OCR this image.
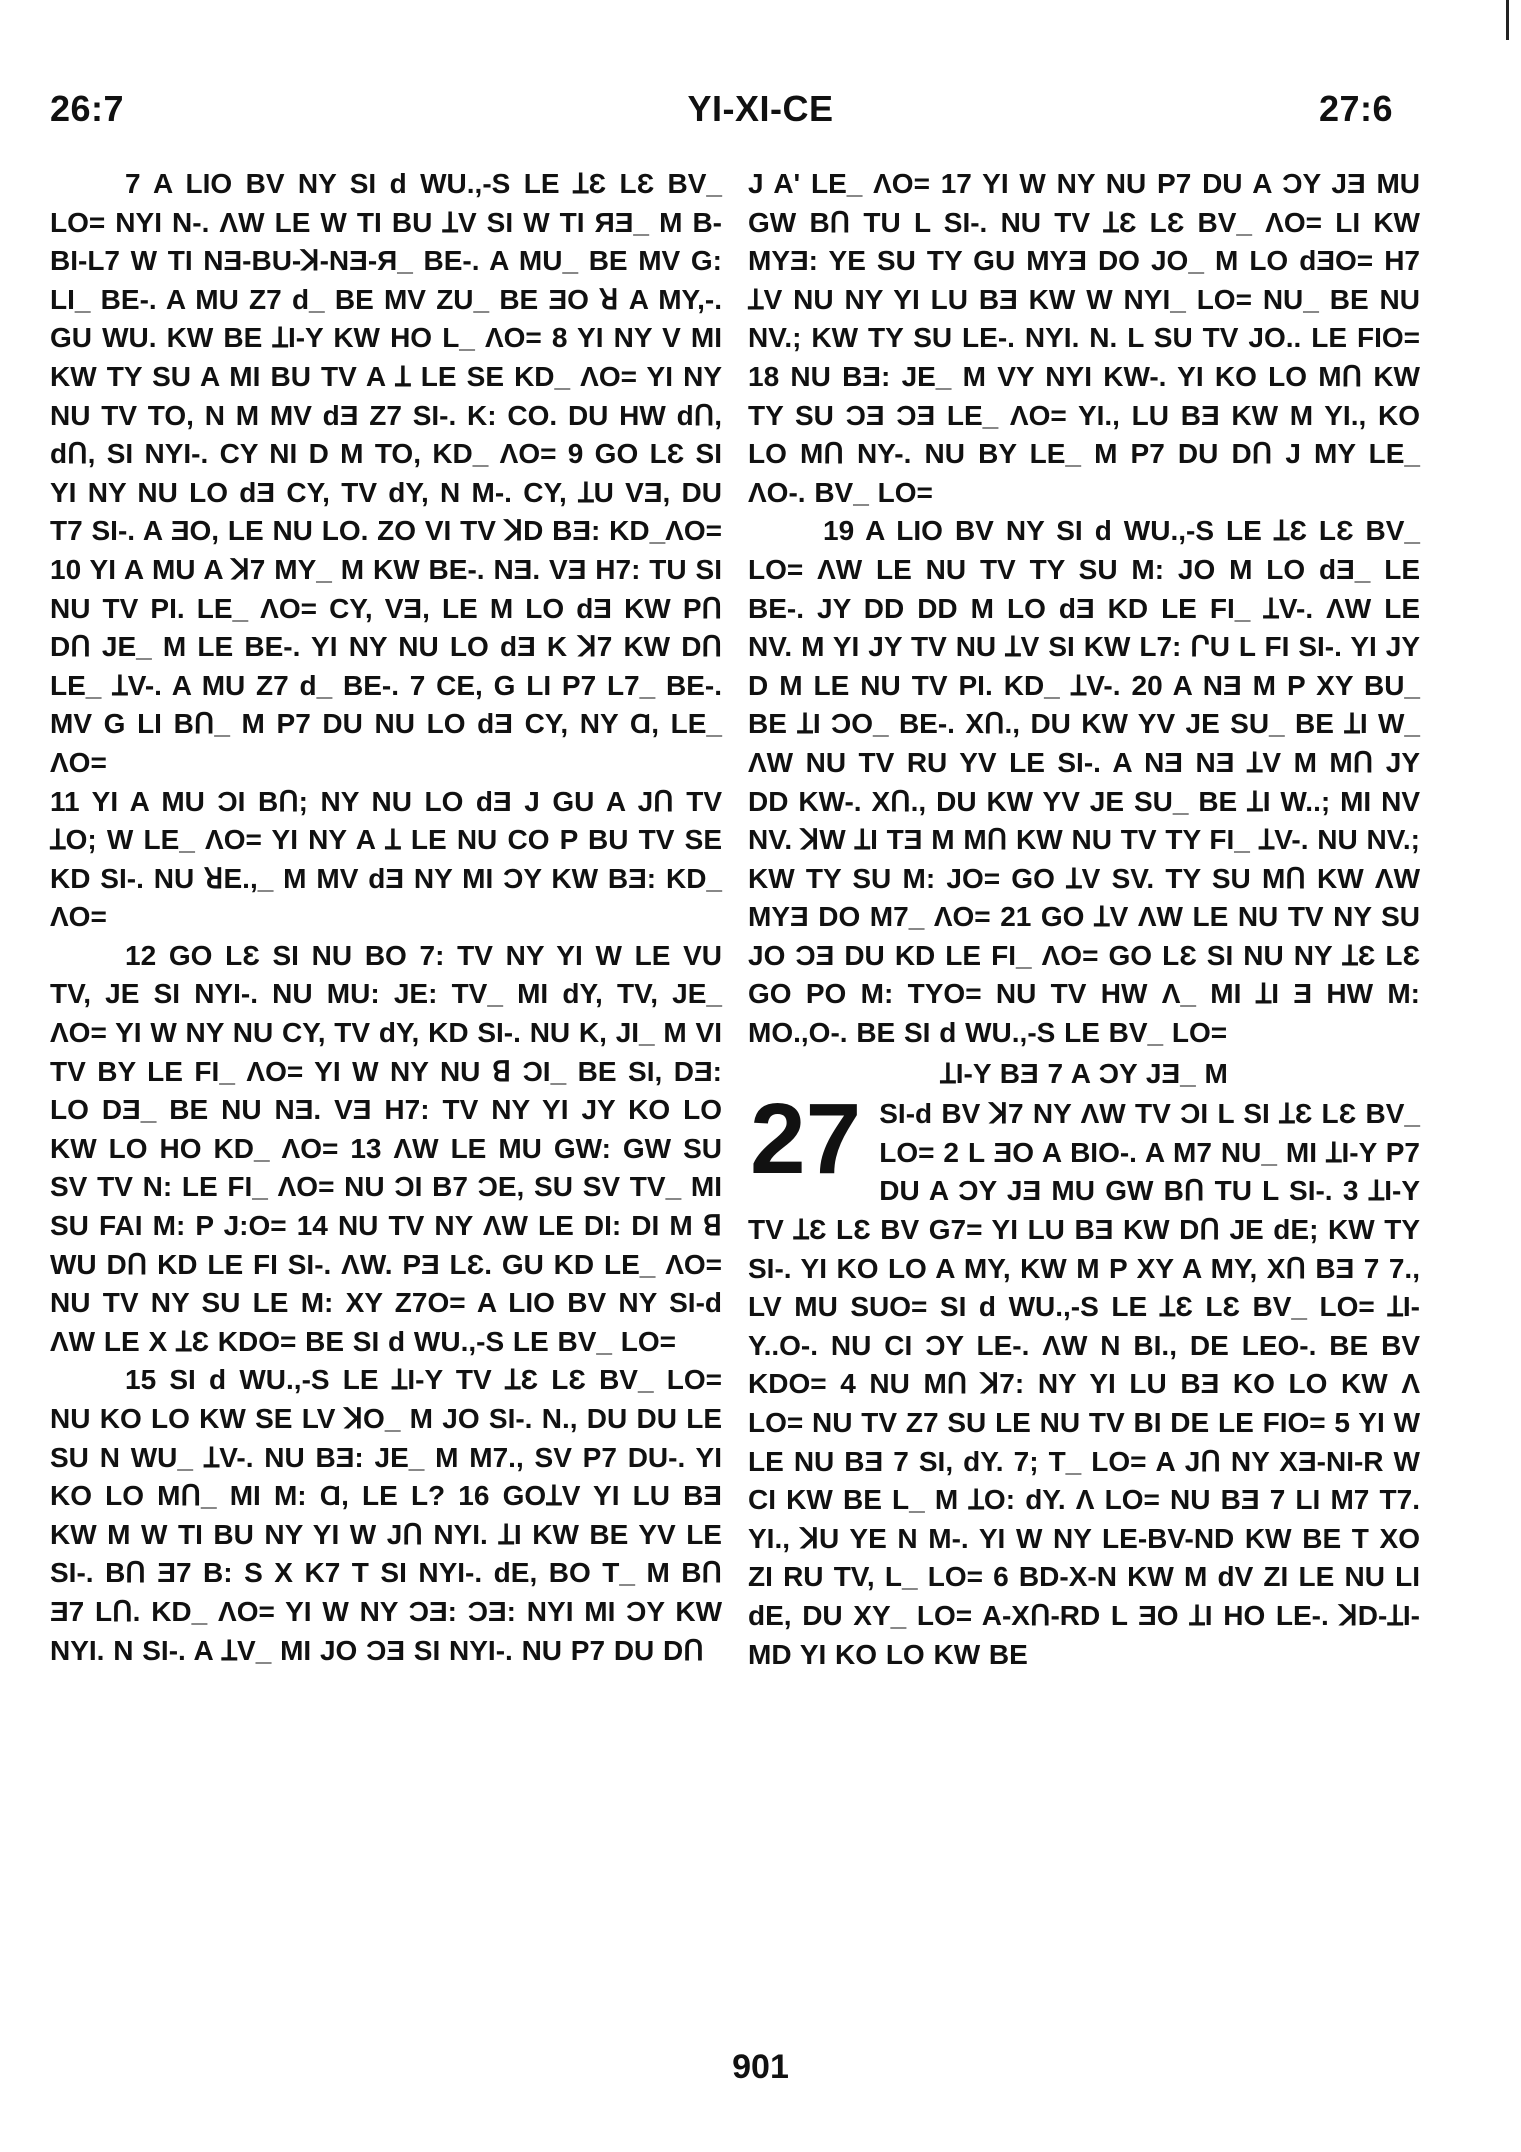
26:7	YI-XI-CE	27:6

7 A LIO BV NY SI d WU.,-S LE ꞱƐ LƐ BV_ LO= NYI N-. ɅW LE W TI BU ꞱV SI W TI ЯƎ_ M B-BI-L7 W TI NƎ-BU-ꓘ-NƎ-Я_ BE-. A MU_ BE MV G: LI_ BE-. A MU Z7 d_ BE MV ZU_ BE ƎO ꓤ A MY,-. GU WU. KW BE ꞱI-Y KW HO L_ ɅO= 8 YI NY V MI KW TY SU A MI BU TV A Ʇ LE SE KD_ ɅO= YI NY NU TV TO, N M MV dƎ Z7 SI-. K: CO. DU HW dՈ, dՈ, SI NYI-. CY NI D M TO, KD_ ɅO= 9 GO LƐ SI YI NY NU LO dƎ CY, TV dY, N M-. CY, ꞱU VƎ, DU T7 SI-. A ƎO, LE NU LO. ZO VI TV ꓘD BƎ: KD_ɅO= 10 YI A MU A ꓘ7 MY_ M KW BE-. NƎ. VƎ H7: TU SI NU TV PI. LE_ ɅO= CY, VƎ, LE M LO dƎ KW PՈ DՈ JE_ M LE BE-. YI NY NU LO dƎ K ꓘ7 KW DՈ LE_ ꞱV-. A MU Z7 d_ BE-. 7 CE, G LI P7 L7_ BE-. MV G LI BՈ_ M P7 DU NU LO dƎ CY, NY Ɑ, LE_ ɅO=

11 YI A MU ƆI BՈ; NY NU LO dƎ J GU A JՈ TV ꞱO; W LE_ ɅO= YI NY A Ʇ LE NU CO P BU TV SE KD SI-. NU ꓤE.,_ M MV dƎ NY MI ƆY KW BƎ: KD_ ɅO=

12 GO LƐ SI NU BO 7: TV NY YI W LE VU TV, JE SI NYI-. NU MU: JE: TV_ MI dY, TV, JE_ ɅO= YI W NY NU CY, TV dY, KD SI-. NU K, JI_ M VI TV BY LE FI_ ɅO= YI W NY NU ꓭ ƆI_ BE SI, DƎ: LO DƎ_ BE NU NƎ. VƎ H7: TV NY YI JY KO LO KW LO HO KD_ ɅO= 13 ɅW LE MU GW: GW SU SV TV N: LE FI_ ɅO= NU ƆI B7 ƆE, SU SV TV_ MI SU FAI M: P J:O= 14 NU TV NY ɅW LE DI: DI M ꓭ WU DՈ KD LE FI SI-. ɅW. PƎ LƐ. GU KD LE_ ɅO= NU TV NY SU LE M: XY Z7O= A LIO BV NY SI-d ɅW LE X ꞱƐ KDO= BE SI d WU.,-S LE BV_ LO=

15 SI d WU.,-S LE ꞱI-Y TV ꞱƐ LƐ BV_ LO= NU KO LO KW SE LV ꓘO_ M JO SI-. N., DU DU LE SU N WU_ ꞱV-. NU BƎ: JE_ M M7., SV P7 DU-. YI KO LO MՈ_ MI M: Ɑ, LE L? 16 GOꞱV YI LU BƎ KW M W TI BU NY YI W JՈ NYI. ꞱI KW BE YV LE SI-. BՈ Ǝ7 B: S X K7 T SI NYI-. dE, BO T_ M BՈ Ǝ7 LՈ. KD_ ɅO= YI W NY ƆƎ: ƆƎ: NYI MI ƆY KW NYI. N SI-. A ꞱV_ MI JO ƆƎ SI NYI-. NU P7 DU DՈ

J A' LE_ ɅO= 17 YI W NY NU P7 DU A ƆY JƎ MU GW BՈ TU L SI-. NU TV ꞱƐ LƐ BV_ ɅO= LI KW MYƎ: YE SU TY GU MYƎ DO JO_ M LO dƎO= H7 ꞱV NU NY YI LU BƎ KW W NYI_ LO= NU_ BE NU NV.; KW TY SU LE-. NYI. N. L SU TV JO.. LE FIO= 18 NU BƎ: JE_ M VY NYI KW-. YI KO LO MՈ KW TY SU ƆƎ ƆƎ LE_ ɅO= YI., LU BƎ KW M YI., KO LO MՈ NY-. NU BY LE_ M P7 DU DՈ J MY LE_ ɅO-. BV_ LO=

19 A LIO BV NY SI d WU.,-S LE ꞱƐ LƐ BV_ LO= ɅW LE NU TV TY SU M: JO M LO dƎ_ LE BE-. JY DD DD M LO dƎ KD LE FI_ ꞱV-. ɅW LE NV. M YI JY TV NU ꞱV SI KW L7: ՐU L FI SI-. YI JY D M LE NU TV PI. KD_ ꞱV-. 20 A NƎ M P XY BU_ BE ꞱI ƆO_ BE-. XՈ., DU KW YV JE SU_ BE ꞱI W_ ɅW NU TV RU YV LE SI-. A NƎ NƎ ꞱV M MՈ JY DD KW-. XՈ., DU KW YV JE SU_ BE ꞱI W..; MI NV NV. ꓘW ꞱI TƎ M MՈ KW NU TV TY FI_ ꞱV-. NU NV.; KW TY SU M: JO= GO ꞱV SV. TY SU MՈ KW ɅW MYƎ DO M7_ ɅO= 21 GO ꞱV ɅW LE NU TV NY SU JO ƆƎ DU KD LE FI_ ɅO= GO LƐ SI NU NY ꞱƐ LƐ GO PO M: TYO= NU TV HW Ʌ_ MI ꞱI Ǝ HW M: MO.,O-. BE SI d WU.,-S LE BV_ LO=

ꞱI-Y BƎ 7 A ƆY JƎ_ M

27 SI-d BV ꓘ7 NY ɅW TV ƆI L SI ꞱƐ LƐ BV_ LO= 2 L ƎO A BIO-. A M7 NU_ MI ꞱI-Y P7 DU A ƆY JƎ MU GW BՈ TU L SI-. 3 ꞱI-Y TV ꞱƐ LƐ BV G7= YI LU BƎ KW DՈ JE dE; KW TY SI-. YI KO LO A MY, KW M P XY A MY, XՈ BƎ 7 7., LV MU SUO= SI d WU.,-S LE ꞱƐ LƐ BV_ LO= ꞱI-Y..O-. NU CI ƆY LE-. ɅW N BI., DE LEO-. BE BV KDO= 4 NU MՈ ꓘ7: NY YI LU BƎ KO LO KW Ʌ LO= NU TV Z7 SU LE NU TV BI DE LE FIO= 5 YI W LE NU BƎ 7 SI, dY. 7; T_ LO= A JՈ NY XƎ-NI-R W CI KW BE L_ M ꞱO: dY. Ʌ LO= NU BƎ 7 LI M7 T7. YI., ꓘU YE N M-. YI W NY LE-BV-ND KW BE T XO ZI RU TV, L_ LO= 6 BD-X-N KW M dV ZI LE NU LI dE, DU XY_ LO= A-XՈ-RD L ƎO ꞱI HO LE-. ꓘD-ꞱI-MD YI KO LO KW BE

901
